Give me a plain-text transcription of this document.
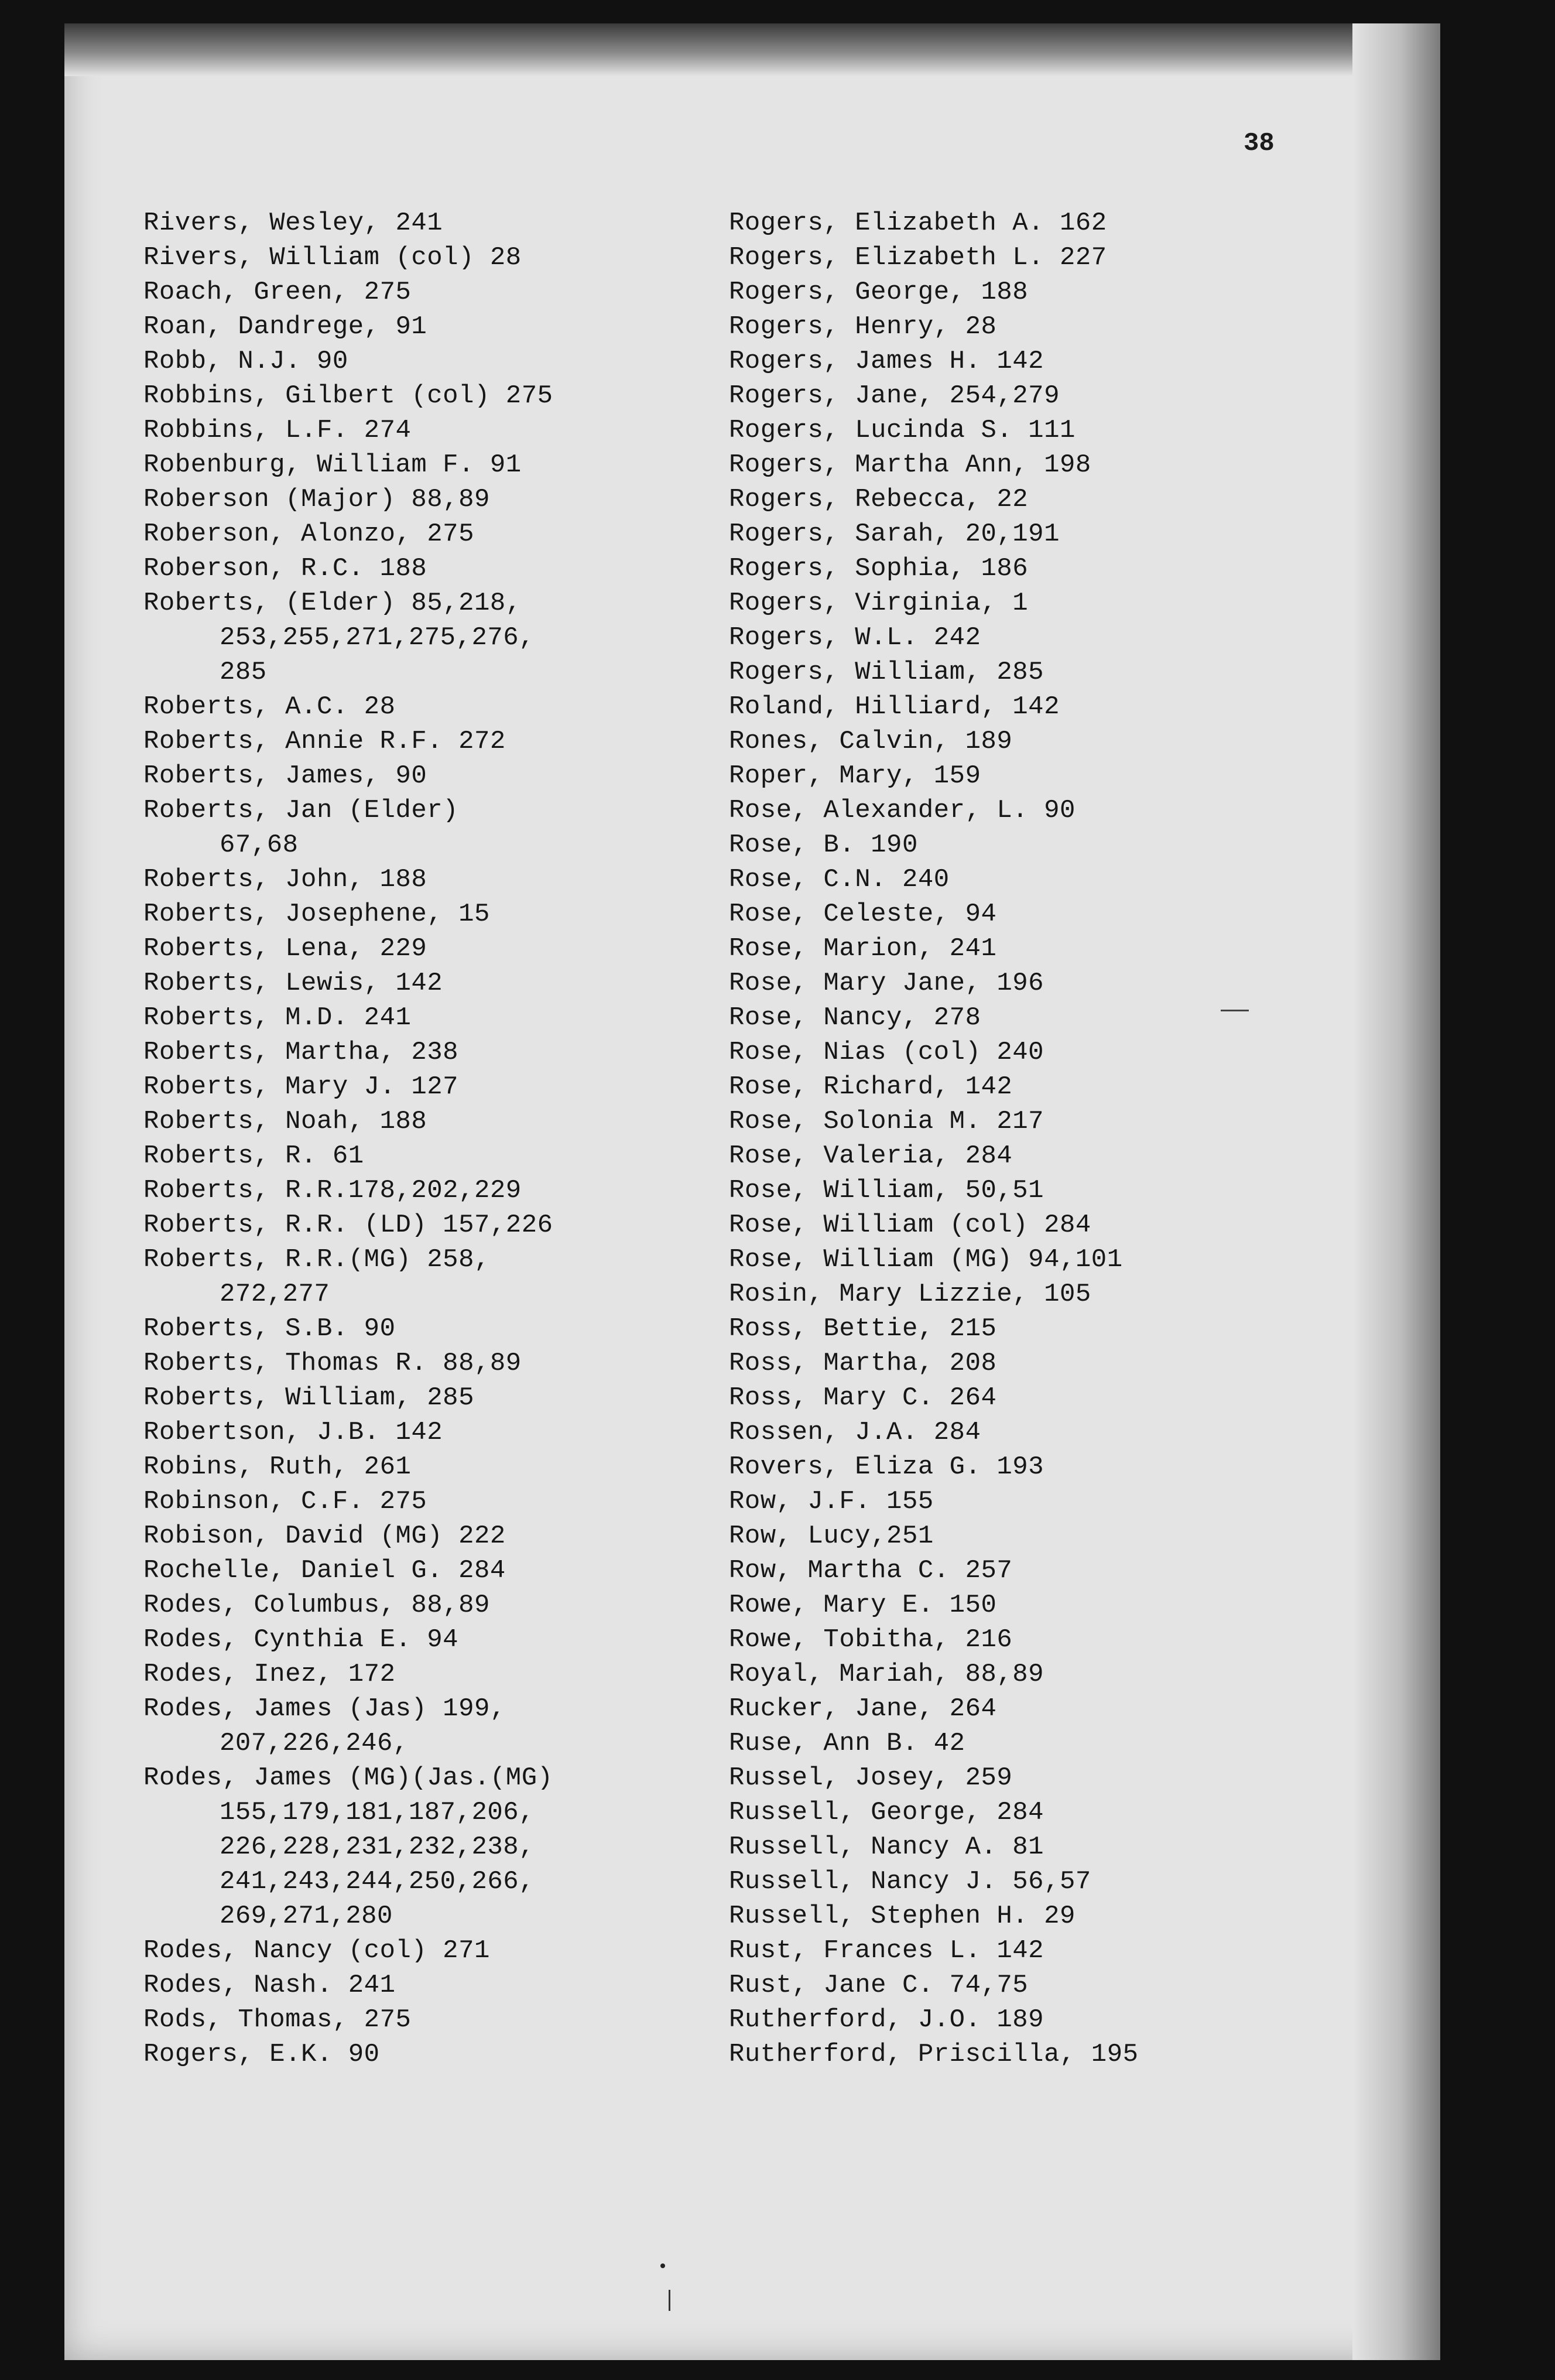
38
Rivers, Wesley, 241
Rivers, William (col) 28
Roach, Green, 275
Roan, Dandrege, 91
Robb, N.J. 90
Robbins, Gilbert (col) 275
Robbins, L.F. 274
Robenburg, William F. 91
Roberson (Major) 88,89
Roberson, Alonzo, 275
Roberson, R.C. 188
Roberts, (Elder) 85,218,
253,255,271,275,276,
285
Roberts, A.C. 28
Roberts, Annie R.F. 272
Roberts, James, 90
Roberts, Jan (Elder)
67,68
Roberts, John, 188
Roberts, Josephene, 15
Roberts, Lena, 229
Roberts, Lewis, 142
Roberts, M.D. 241
Roberts, Martha, 238
Roberts, Mary J. 127
Roberts, Noah, 188
Roberts, R. 61
Roberts, R.R.178,202,229
Roberts, R.R. (LD) 157,226
Roberts, R.R.(MG) 258,
272,277
Roberts, S.B. 90
Roberts, Thomas R. 88,89
Roberts, William, 285
Robertson, J.B. 142
Robins, Ruth, 261
Robinson, C.F. 275
Robison, David (MG) 222
Rochelle, Daniel G. 284
Rodes, Columbus, 88,89
Rodes, Cynthia E. 94
Rodes, Inez, 172
Rodes, James (Jas) 199,
207,226,246,
Rodes, James (MG)(Jas.(MG)
155,179,181,187,206,
226,228,231,232,238,
241,243,244,250,266,
269,271,280
Rodes, Nancy (col) 271
Rodes, Nash. 241
Rods, Thomas, 275
Rogers, E.K. 90
Rogers, Elizabeth A. 162
Rogers, Elizabeth L. 227
Rogers, George, 188
Rogers, Henry, 28
Rogers, James H. 142
Rogers, Jane, 254,279
Rogers, Lucinda S. 111
Rogers, Martha Ann, 198
Rogers, Rebecca, 22
Rogers, Sarah, 20,191
Rogers, Sophia, 186
Rogers, Virginia, 1
Rogers, W.L. 242
Rogers, William, 285
Roland, Hilliard, 142
Rones, Calvin, 189
Roper, Mary, 159
Rose, Alexander, L. 90
Rose, B. 190
Rose, C.N. 240
Rose, Celeste, 94
Rose, Marion, 241
Rose, Mary Jane, 196
Rose, Nancy, 278
Rose, Nias (col) 240
Rose, Richard, 142
Rose, Solonia M. 217
Rose, Valeria, 284
Rose, William, 50,51
Rose, William (col) 284
Rose, William (MG) 94,101
Rosin, Mary Lizzie, 105
Ross, Bettie, 215
Ross, Martha, 208
Ross, Mary C. 264
Rossen, J.A. 284
Rovers, Eliza G. 193
Row, J.F. 155
Row, Lucy,251
Row, Martha C. 257
Rowe, Mary E. 150
Rowe, Tobitha, 216
Royal, Mariah, 88,89
Rucker, Jane, 264
Ruse, Ann B. 42
Russel, Josey, 259
Russell, George, 284
Russell, Nancy A. 81
Russell, Nancy J. 56,57
Russell, Stephen H. 29
Rust, Frances L. 142
Rust, Jane C. 74,75
Rutherford, J.O. 189
Rutherford, Priscilla, 195
